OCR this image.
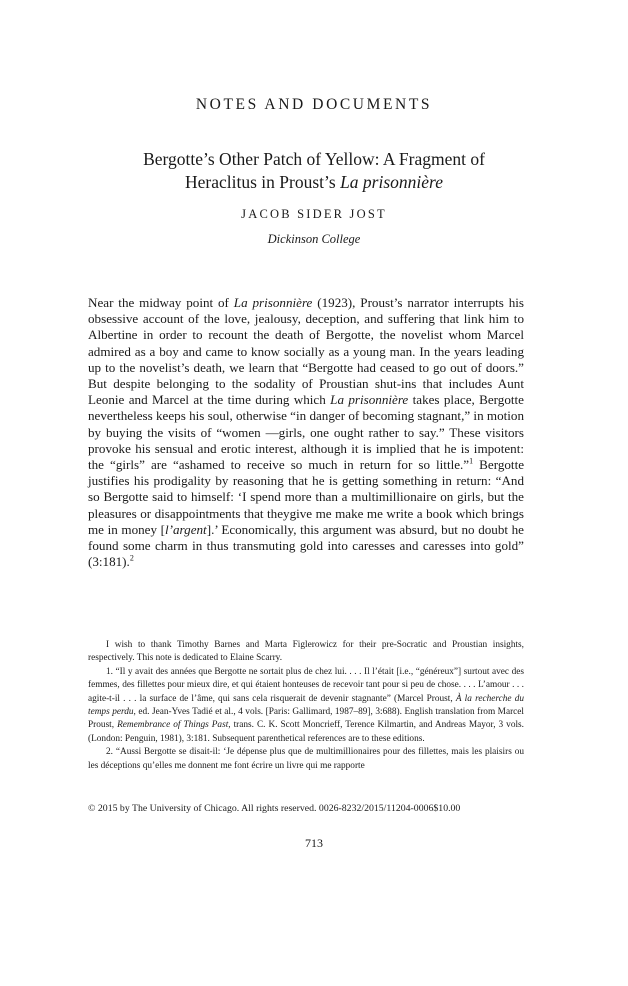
NOTES AND DOCUMENTS
Bergotte’s Other Patch of Yellow: A Fragment of
Heraclitus in Proust’s La prisonnière
JACOB SIDER JOST
Dickinson College

Near the midway point of La prisonnière (1923), Proust’s narrator interrupts his obsessive account of the love, jealousy, deception, and suffering that link him to Albertine in order to recount the death of Bergotte, the novelist whom Marcel admired as a boy and came to know socially as a young man. In the years leading up to the novelist’s death, we learn that “Bergotte had ceased to go out of doors.” But despite belonging to the sodality of Proustian shut-ins that includes Aunt Leonie and Marcel at the time during which La prisonnière takes place, Bergotte nevertheless keeps his soul, otherwise “in danger of becoming stagnant,” in motion by buying the visits of “women —girls, one ought rather to say.” These visitors provoke his sensual and erotic interest, although it is implied that he is impotent: the “girls” are “ashamed to receive so much in return for so little.”$^1$ Bergotte justifies his prodigality by reasoning that he is getting something in return: “And so Bergotte said to himself: ‘I spend more than a multimillionaire on girls, but the pleasures or disappointments that theygive me make me write a book which brings me in money [l’argent].’ Economically, this argument was absurd, but no doubt he found some charm in thus transmuting gold into caresses and caresses into gold” (3:181).$^2$

I wish to thank Timothy Barnes and Marta Figlerowicz for their pre-Socratic and Proustian insights, respectively. This note is dedicated to Elaine Scarry.

1. “Il y avait des années que Bergotte ne sortait plus de chez lui. . . . Il l’était [i.e., “généreux”] surtout avec des femmes, des fillettes pour mieux dire, et qui étaient honteuses de recevoir tant pour si peu de chose. . . . L’amour . . . agite-t-il . . . la surface de l’âme, qui sans cela risquerait de devenir stagnante” (Marcel Proust, À la recherche du temps perdu, ed. Jean-Yves Tadié et al., 4 vols. [Paris: Gallimard, 1987–89], 3:688). English translation from Marcel Proust, Remembrance of Things Past, trans. C. K. Scott Moncrieff, Terence Kilmartin, and Andreas Mayor, 3 vols. (London: Penguin, 1981), 3:181. Subsequent parenthetical references are to these editions.

2. “Aussi Bergotte se disait-il: ‘Je dépense plus que de multimillionaires pour des fillettes, mais les plaisirs ou les déceptions qu’elles me donnent me font écrire un livre qui me rapporte

© 2015 by The University of Chicago. All rights reserved. 0026-8232/2015/11204-0006$10.00
713
